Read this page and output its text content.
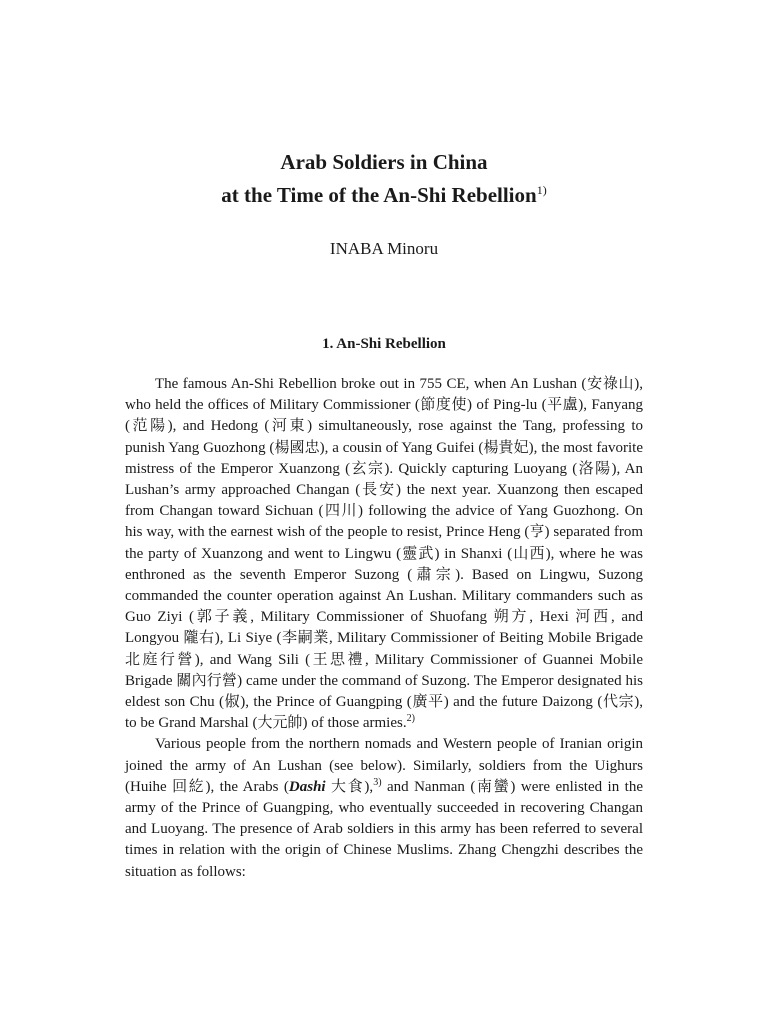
Arab Soldiers in China
at the Time of the An-Shi Rebellion$^{1)}$

INABA Minoru

1. An-Shi Rebellion

The famous An-Shi Rebellion broke out in 755 CE, when An Lushan (安祿山), who held the offices of Military Commissioner (節度使) of Ping-lu (平盧), Fanyang (范陽), and Hedong (河東) simultaneously, rose against the Tang, professing to punish Yang Guozhong (楊國忠), a cousin of Yang Guifei (楊貴妃), the most favorite mistress of the Emperor Xuanzong (玄宗). Quickly capturing Luoyang (洛陽), An Lushan’s army approached Changan (長安) the next year. Xuanzong then escaped from Changan toward Sichuan (四川) following the advice of Yang Guozhong. On his way, with the earnest wish of the people to resist, Prince Heng (亨) separated from the party of Xuanzong and went to Lingwu (靈武) in Shanxi (山西), where he was enthroned as the seventh Emperor Suzong (肅宗). Based on Lingwu, Suzong commanded the counter operation against An Lushan. Military commanders such as Guo Ziyi (郭子義, Military Commissioner of Shuofang 朔方, Hexi 河西, and Longyou 隴右), Li Siye (李嗣業, Military Commissioner of Beiting Mobile Brigade 北庭行營), and Wang Sili (王思禮, Military Commissioner of Guannei Mobile Brigade 關內行營) came under the command of Suzong. The Emperor designated his eldest son Chu (俶), the Prince of Guangping (廣平) and the future Daizong (代宗), to be Grand Marshal (大元帥) of those armies.$^{2)}$

Various people from the northern nomads and Western people of Iranian origin joined the army of An Lushan (see below). Similarly, soldiers from the Uighurs (Huihe 回紇), the Arabs (Dashi 大食),$^{3)}$ and Nanman (南蠻) were enlisted in the army of the Prince of Guangping, who eventually succeeded in recovering Changan and Luoyang. The presence of Arab soldiers in this army has been referred to several times in relation with the origin of Chinese Muslims. Zhang Chengzhi describes the situation as follows:
